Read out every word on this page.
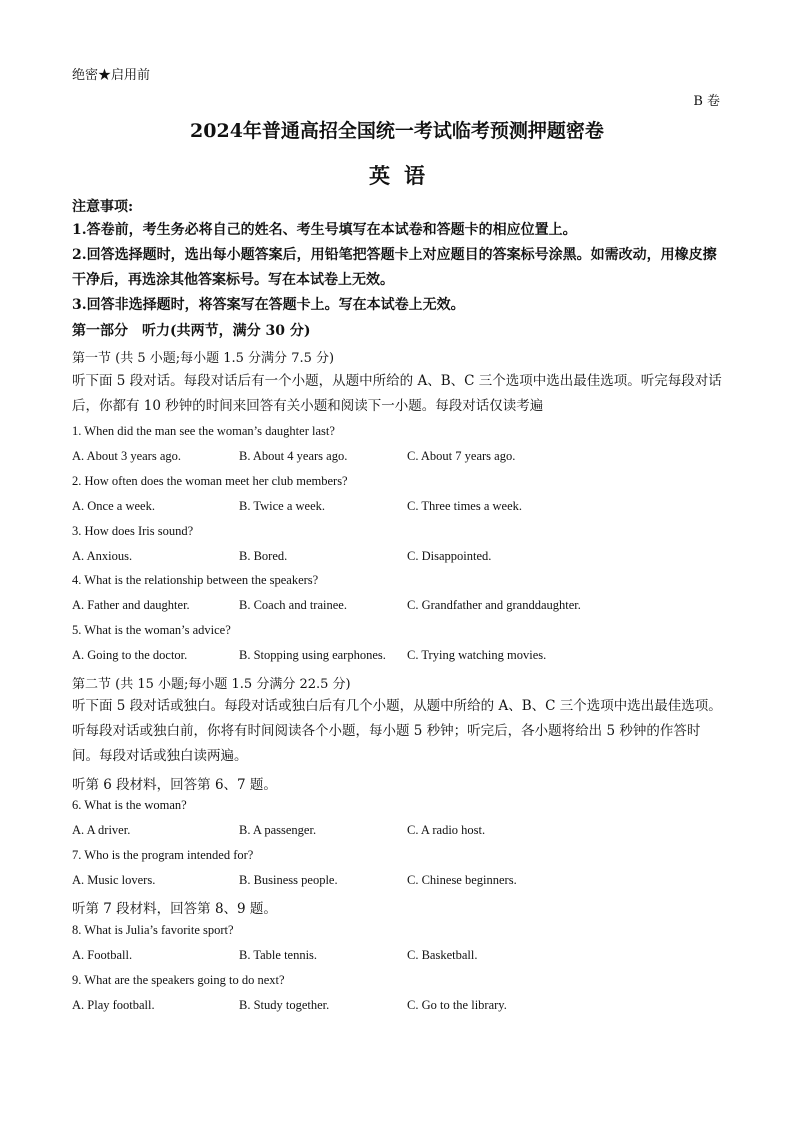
绝密★启用前
B 卷
2024年普通高招全国统一考试临考预测押题密卷
英语
注意事项:
1.答卷前，考生务必将自己的姓名、考生号填写在本试卷和答题卡的相应位置上。
2.回答选择题时，选出每小题答案后，用铅笔把答题卡上对应题目的答案标号涂黑。如需改动，用橡皮擦干净后，再选涂其他答案标号。写在本试卷上无效。
3.回答非选择题时，将答案写在答题卡上。写在本试卷上无效。
第一部分　听力(共两节，满分 30 分)
第一节 (共 5 小题;每小题 1.5 分满分 7.5 分)
听下面 5 段对话。每段对话后有一个小题，从题中所给的 A、B、C 三个选项中选出最佳选项。听完每段对话后，你都有 10 秒钟的时间来回答有关小题和阅读下一小题。每段对话仅读考遍
1. When did the man see the woman’s daughter last?
A. About 3 years ago.	B. About 4 years ago.	C. About 7 years ago.
2. How often does the woman meet her club members?
A. Once a week.	B. Twice a week.	C. Three times a week.
3. How does Iris sound?
A. Anxious.	B. Bored.	C. Disappointed.
4. What is the relationship between the speakers?
A. Father and daughter.	B. Coach and trainee.	C. Grandfather and granddaughter.
5. What is the woman’s advice?
A. Going to the doctor.	B. Stopping using earphones. C. Trying watching movies.
第二节 (共 15 小题;每小题 1.5 分满分 22.5 分)
听下面 5 段对话或独白。每段对话或独白后有几个小题，从题中所给的 A、B、C 三个选项中选出最佳选项。听每段对话或独白前，你将有时间阅读各个小题，每小题 5 秒钟；听完后，各小题将给出 5 秒钟的作答时间。每段对话或独白读两遍。
听第 6 段材料，回答第 6、7 题。
6. What is the woman?
A. A driver.	B. A passenger.	C. A radio host.
7. Who is the program intended for?
A. Music lovers.	B. Business people.	C. Chinese beginners.
听第 7 段材料，回答第 8、9 题。
8. What is Julia’s favorite sport?
A. Football.	B. Table tennis.	C. Basketball.
9. What are the speakers going to do next?
A. Play football.	B. Study together.	C. Go to the library.
